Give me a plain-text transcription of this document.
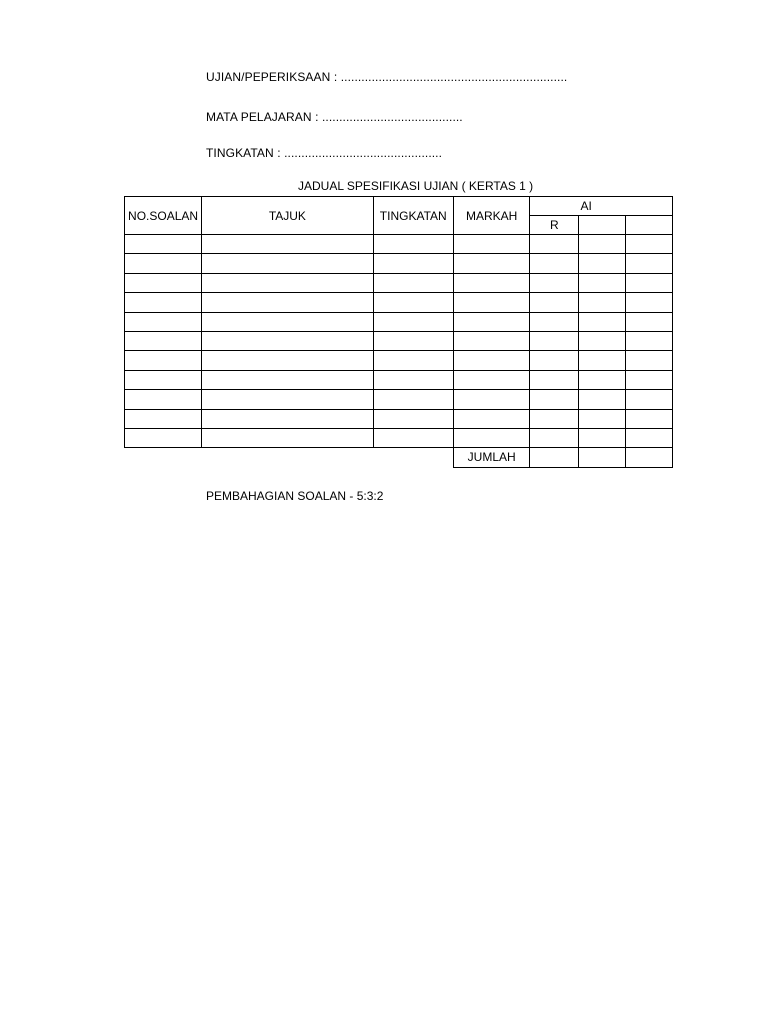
UJIAN/PEPERIKSAAN : ..................................................................
MATA PELAJARAN : .........................................
TINGKATAN : ..............................................
JADUAL SPESIFIKASI UJIAN ( KERTAS 1 )
NO.SOALAN	TAJUK	TINGKATAN	MARKAH	AI		

				R		

			JUMLAH			
PEMBAHAGIAN SOALAN - 5:3:2
